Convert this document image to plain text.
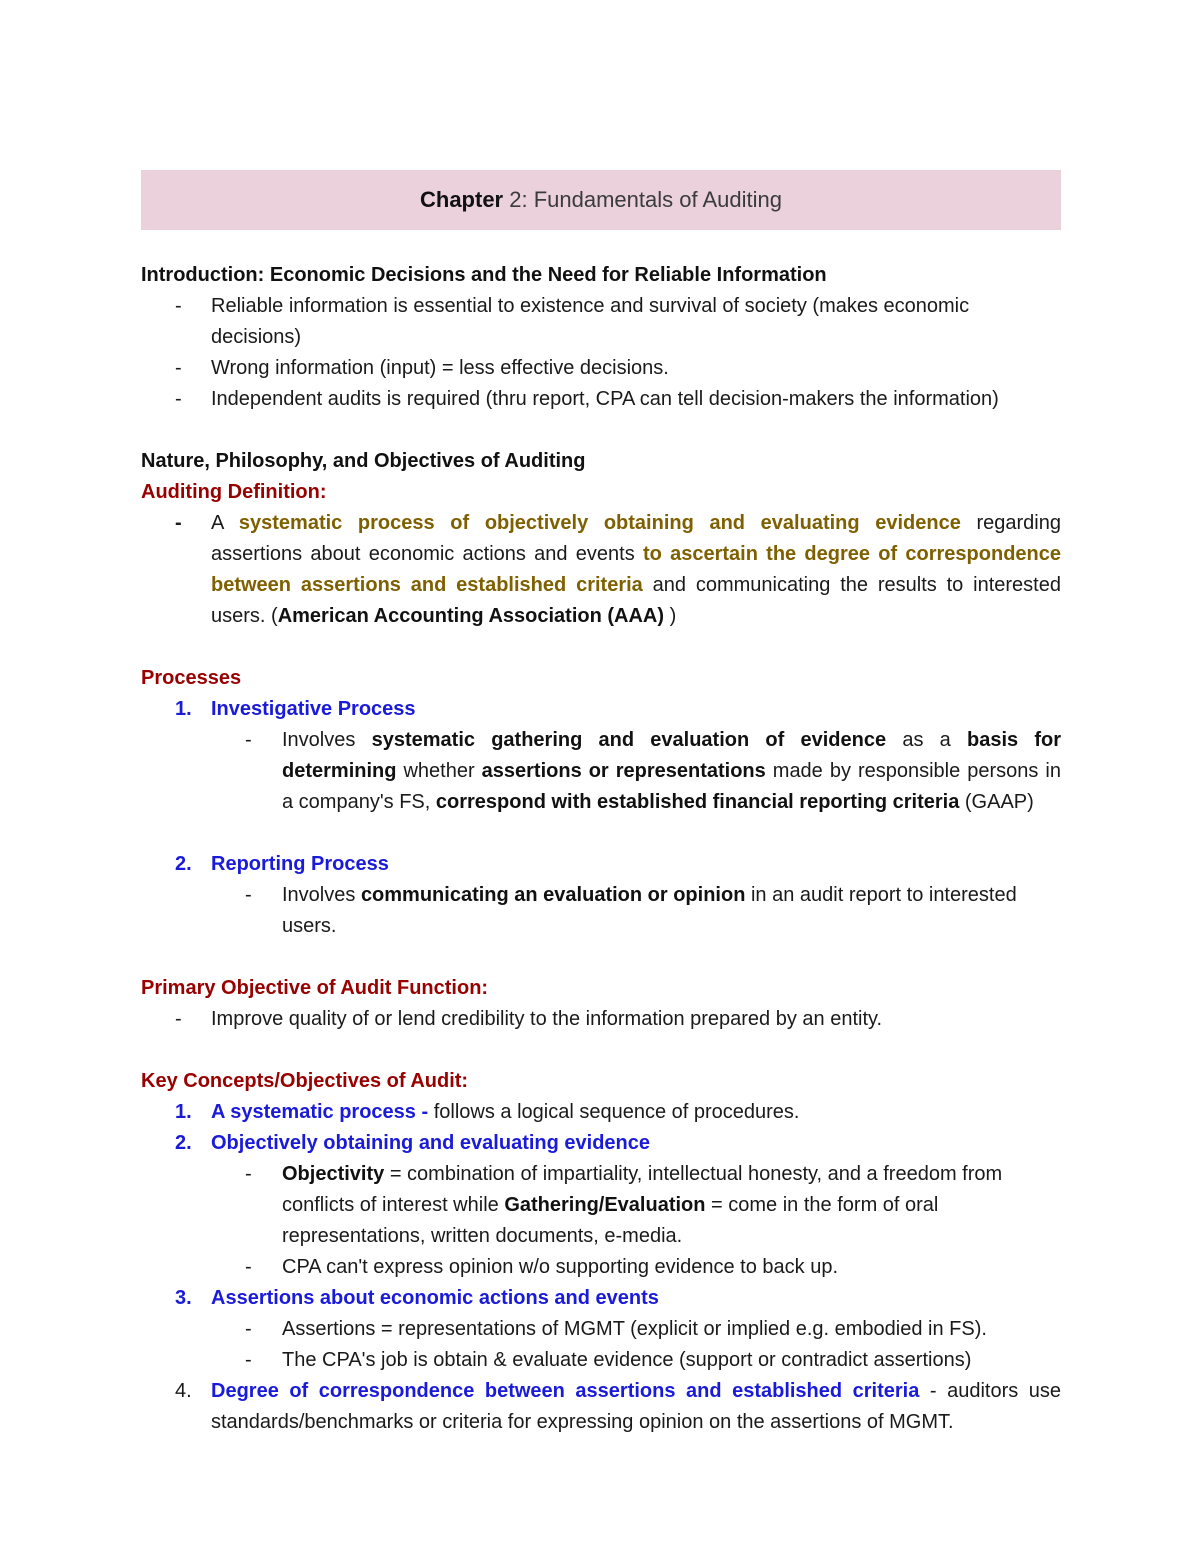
Chapter 2: Fundamentals of Auditing
Introduction: Economic Decisions and the Need for Reliable Information
- Reliable information is essential to existence and survival of society (makes economic decisions)
- Wrong information (input) = less effective decisions.
- Independent audits is required (thru report, CPA can tell decision-makers the information)
Nature, Philosophy, and Objectives of Auditing
Auditing Definition:
- A systematic process of objectively obtaining and evaluating evidence regarding assertions about economic actions and events to ascertain the degree of correspondence between assertions and established criteria and communicating the results to interested users. (American Accounting Association (AAA) )
Processes
1. Investigative Process
- Involves systematic gathering and evaluation of evidence as a basis for determining whether assertions or representations made by responsible persons in a company's FS, correspond with established financial reporting criteria (GAAP)
2. Reporting Process
- Involves communicating an evaluation or opinion in an audit report to interested users.
Primary Objective of Audit Function:
- Improve quality of or lend credibility to the information prepared by an entity.
Key Concepts/Objectives of Audit:
1. A systematic process - follows a logical sequence of procedures.
2. Objectively obtaining and evaluating evidence
- Objectivity = combination of impartiality, intellectual honesty, and a freedom from conflicts of interest while Gathering/Evaluation = come in the form of oral representations, written documents, e-media.
- CPA can't express opinion w/o supporting evidence to back up.
3. Assertions about economic actions and events
- Assertions = representations of MGMT (explicit or implied e.g. embodied in FS).
- The CPA's job is obtain & evaluate evidence (support or contradict assertions)
4. Degree of correspondence between assertions and established criteria - auditors use standards/benchmarks or criteria for expressing opinion on the assertions of MGMT.
